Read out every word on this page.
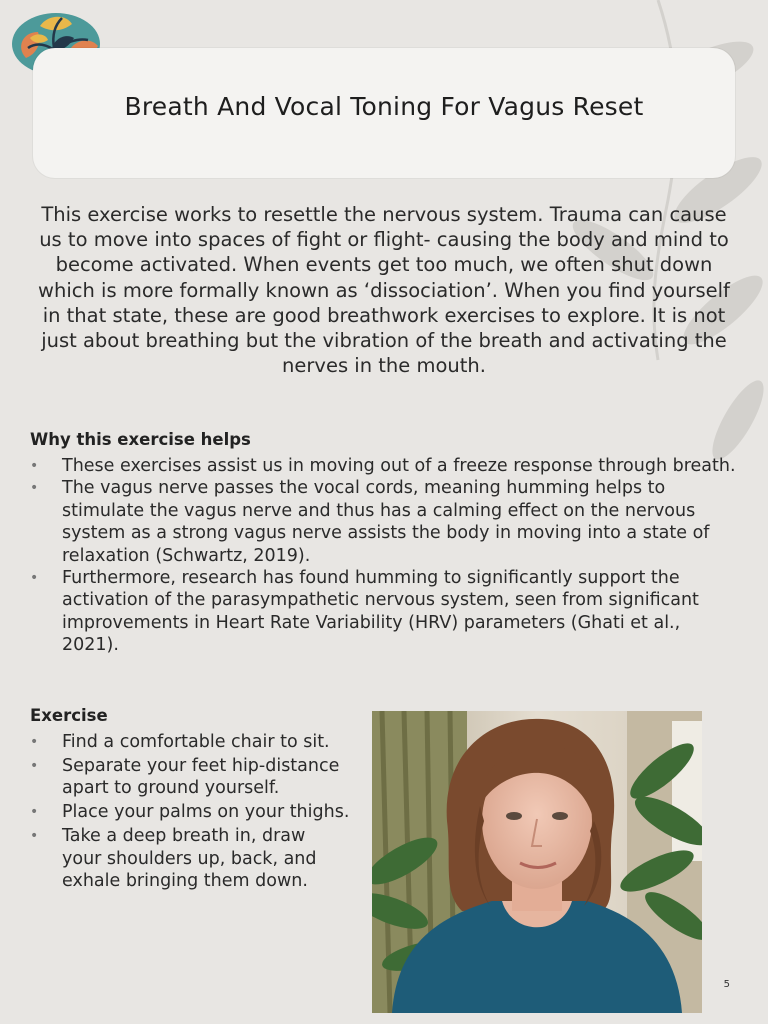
Breath And Vocal Toning For Vagus Reset

This exercise works to resettle the nervous system. Trauma can cause us to move into spaces of fight or flight- causing the body and mind to become activated. When events get too much, we often shut down which is more formally known as ‘dissociation’. When you find yourself in that state, these are good breathwork exercises to explore. It is not just about breathing but the vibration of the breath and activating the nerves in the mouth.

Why this exercise helps
• These exercises assist us in moving out of a freeze response through breath.
• The vagus nerve passes the vocal cords, meaning humming helps to stimulate the vagus nerve and thus has a calming effect on the nervous system as a strong vagus nerve assists the body in moving into a state of relaxation (Schwartz, 2019).
• Furthermore, research has found humming to significantly support the activation of the parasympathetic nervous system, seen from significant improvements in Heart Rate Variability (HRV) parameters (Ghati et al., 2021).
Exercise
• Find a comfortable chair to sit.
• Separate your feet hip-distance apart to ground yourself.
• Place your palms on your thighs.
• Take a deep breath in, draw your shoulders up, back, and exhale bringing them down.
5
